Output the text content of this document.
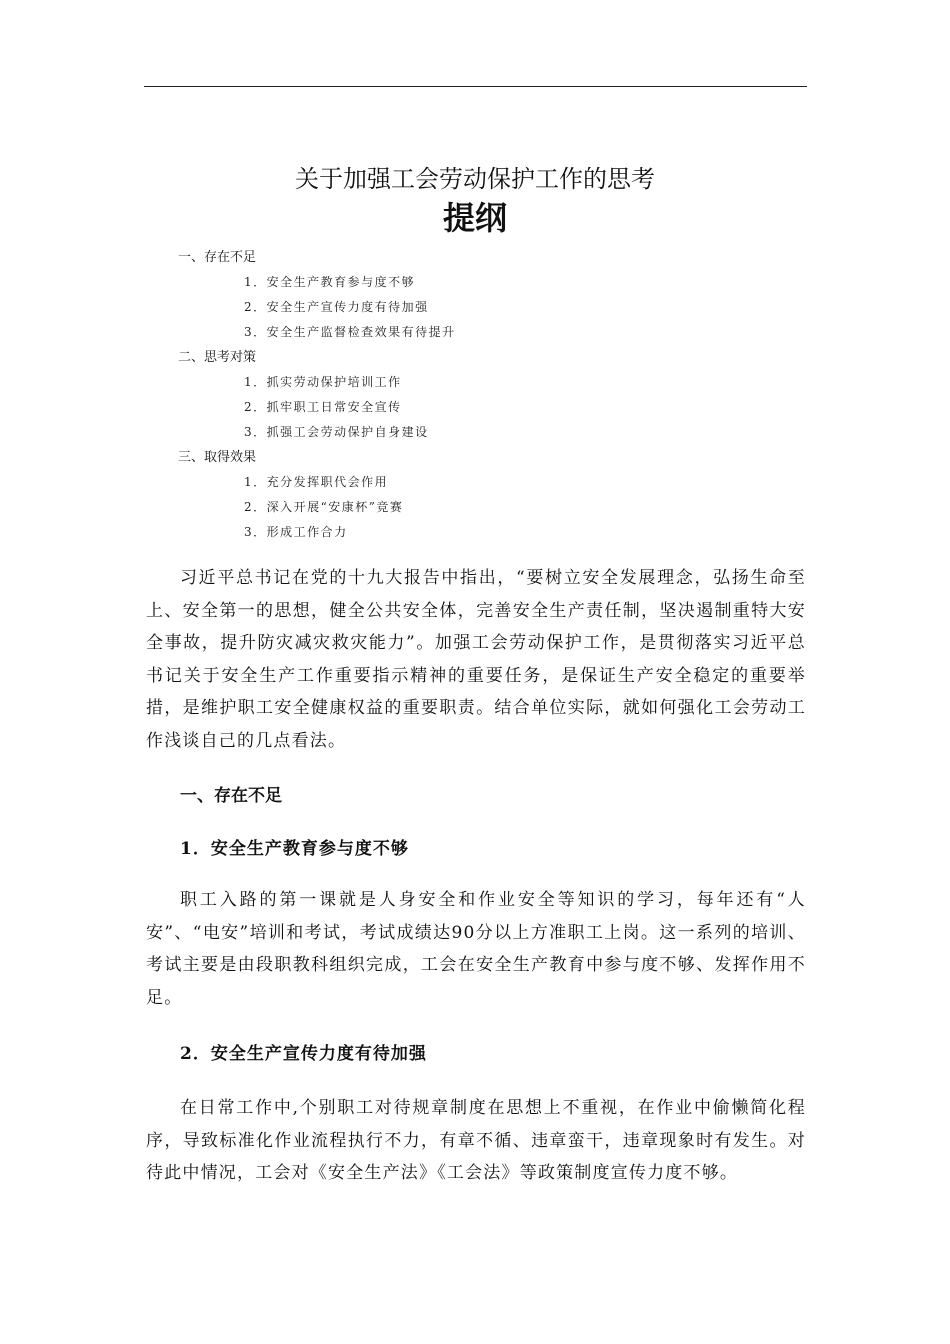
关于加强工会劳动保护工作的思考
提纲
一、存在不足
1．安全生产教育参与度不够
2．安全生产宣传力度有待加强
3．安全生产监督检查效果有待提升
二、思考对策
1．抓实劳动保护培训工作
2．抓牢职工日常安全宣传
3．抓强工会劳动保护自身建设
三、取得效果
1．充分发挥职代会作用
2．深入开展“安康杯”竞赛
3．形成工作合力

习近平总书记在党的十九大报告中指出，“要树立安全发展理念，弘扬生命至上、安全第一的思想，健全公共安全体，完善安全生产责任制，坚决遏制重特大安全事故，提升防灾减灾救灾能力”。加强工会劳动保护工作，是贯彻落实习近平总书记关于安全生产工作重要指示精神的重要任务，是保证生产安全稳定的重要举措，是维护职工安全健康权益的重要职责。结合单位实际，就如何强化工会劳动工作浅谈自己的几点看法。

一、存在不足
1．安全生产教育参与度不够

职工入路的第一课就是人身安全和作业安全等知识的学习，每年还有“人安”、“电安”培训和考试，考试成绩达90分以上方准职工上岗。这一系列的培训、考试主要是由段职教科组织完成，工会在安全生产教育中参与度不够、发挥作用不足。

2．安全生产宣传力度有待加强

在日常工作中,个别职工对待规章制度在思想上不重视，在作业中偷懒简化程序，导致标准化作业流程执行不力，有章不循、违章蛮干，违章现象时有发生。对待此中情况，工会对《安全生产法》《工会法》等政策制度宣传力度不够。
